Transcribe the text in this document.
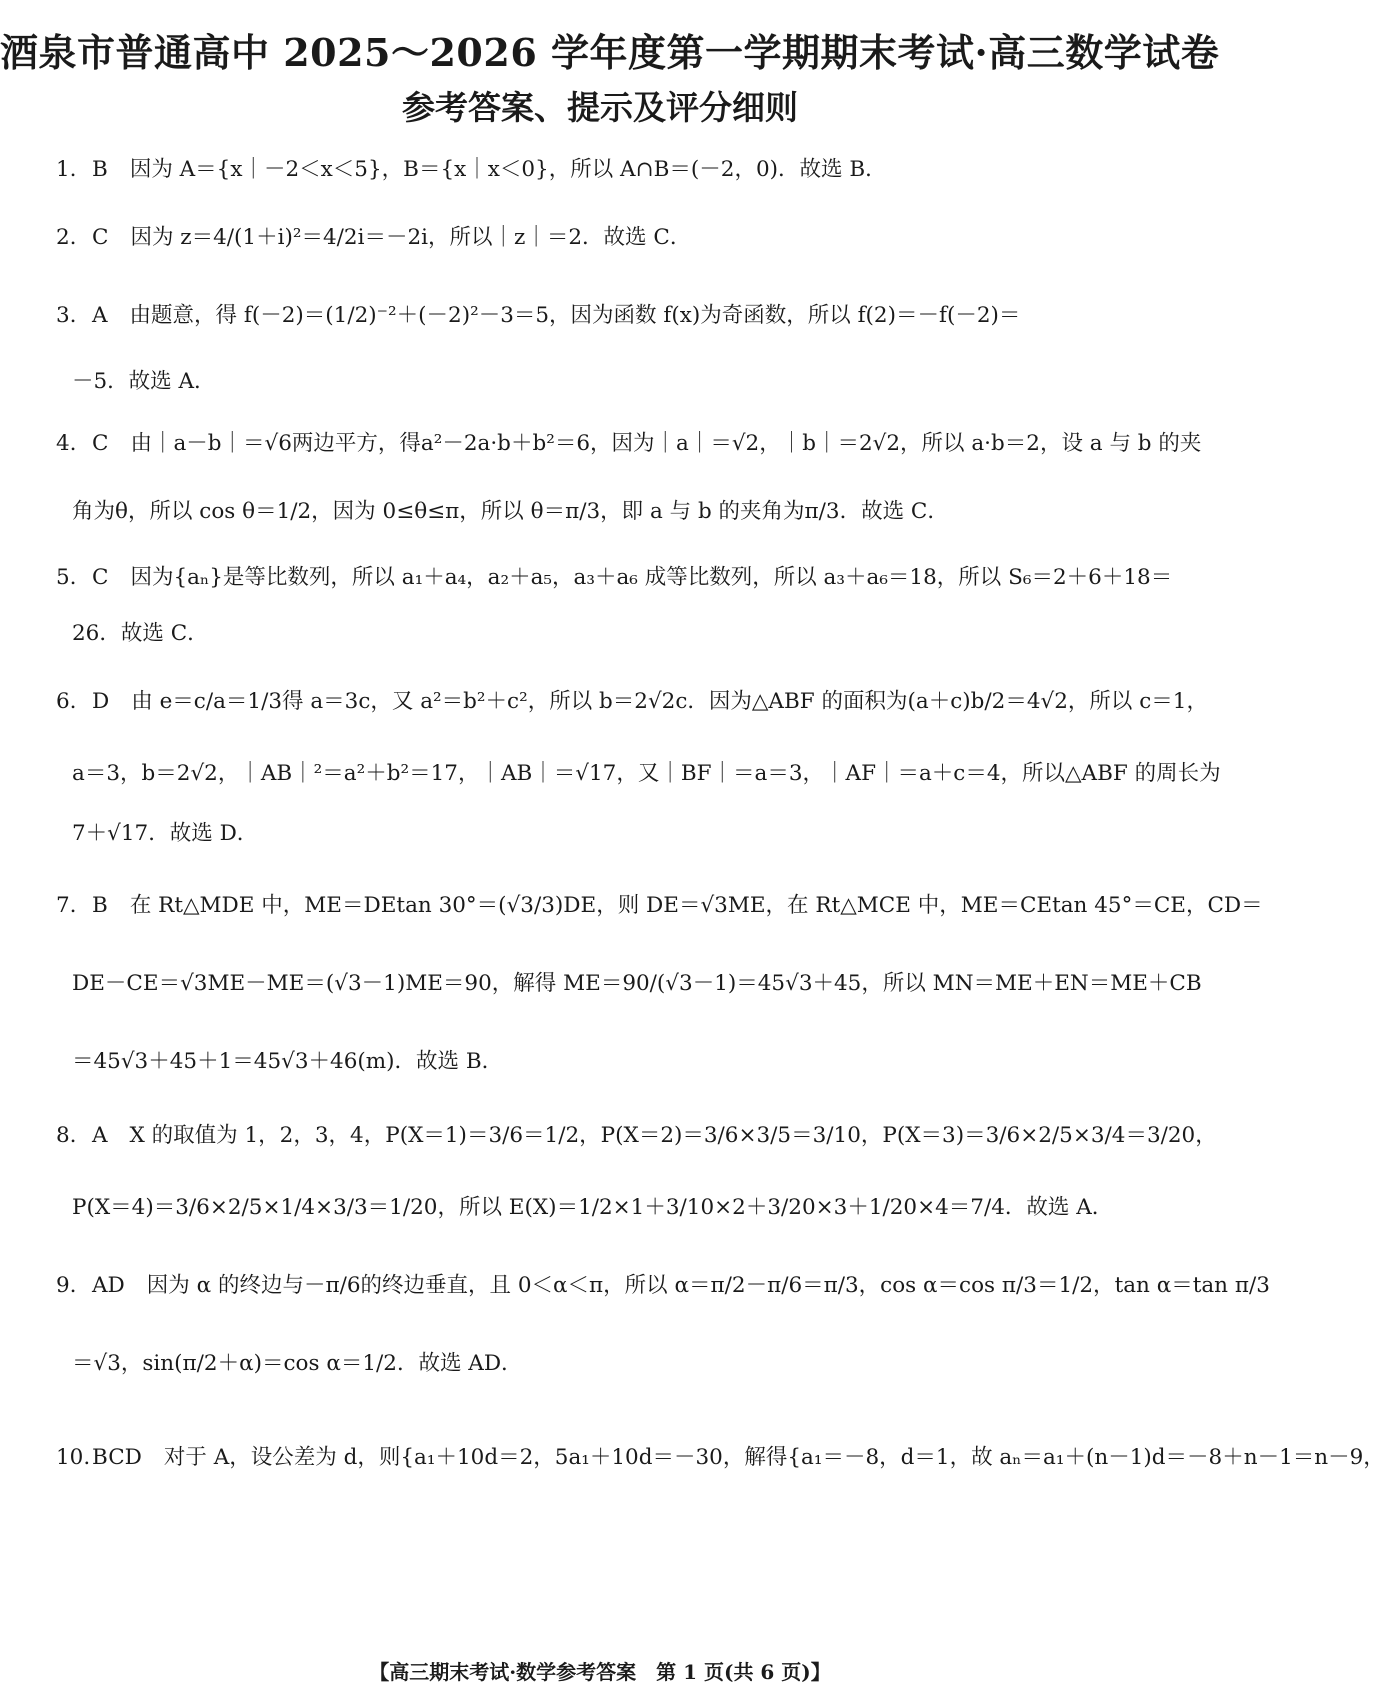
酒泉市普通高中 2025～2026 学年度第一学期期末考试·高三数学试卷
参考答案、提示及评分细则
1. B 因为 A＝{x｜－2＜x＜5}，B＝{x｜x＜0}，所以 A∩B＝(－2，0)．故选 B．
2. C 因为 z＝4/(1＋i)²＝4/2i＝－2i，所以｜z｜＝2．故选 C．
3. A 由题意，得 f(－2)＝(1/2)⁻²＋(－2)²－3＝5，因为函数 f(x)为奇函数，所以 f(2)＝－f(－2)＝
－5．故选 A．
4. C 由｜a－b｜＝√6两边平方，得a²－2a·b＋b²＝6，因为｜a｜＝√2，｜b｜＝2√2，所以 a·b＝2，设 a 与 b 的夹
角为θ，所以 cos θ＝1/2，因为 0≤θ≤π，所以 θ＝π/3，即 a 与 b 的夹角为π/3．故选 C．
5. C 因为{aₙ}是等比数列，所以 a₁＋a₄，a₂＋a₅，a₃＋a₆ 成等比数列，所以 a₃＋a₆＝18，所以 S₆＝2＋6＋18＝
26．故选 C．
6. D 由 e＝c/a＝1/3得 a＝3c，又 a²＝b²＋c²，所以 b＝2√2c．因为△ABF 的面积为(a＋c)b/2＝4√2，所以 c＝1，
a＝3，b＝2√2，｜AB｜²＝a²＋b²＝17，｜AB｜＝√17，又｜BF｜＝a＝3，｜AF｜＝a＋c＝4，所以△ABF 的周长为
7＋√17．故选 D．
7. B 在 Rt△MDE 中，ME＝DEtan 30°＝(√3/3)DE，则 DE＝√3ME，在 Rt△MCE 中，ME＝CEtan 45°＝CE，CD＝
DE－CE＝√3ME－ME＝(√3－1)ME＝90，解得 ME＝90/(√3－1)＝45√3＋45，所以 MN＝ME＋EN＝ME＋CB
＝45√3＋45＋1＝45√3＋46(m)．故选 B．
8. A X 的取值为 1，2，3，4，P(X＝1)＝3/6＝1/2，P(X＝2)＝3/6×3/5＝3/10，P(X＝3)＝3/6×2/5×3/4＝3/20，
P(X＝4)＝3/6×2/5×1/4×3/3＝1/20，所以 E(X)＝1/2×1＋3/10×2＋3/20×3＋1/20×4＝7/4．故选 A．
9. AD 因为 α 的终边与－π/6的终边垂直，且 0＜α＜π，所以 α＝π/2－π/6＝π/3，cos α＝cos π/3＝1/2，tan α＝tan π/3
＝√3，sin(π/2＋α)＝cos α＝1/2．故选 AD．
10.BCD 对于 A，设公差为 d，则{a₁＋10d＝2，5a₁＋10d＝－30，解得{a₁＝－8，d＝1，故 aₙ＝a₁＋(n－1)d＝－8＋n－1＝n－9，
【高三期末考试·数学参考答案　第 1 页(共 6 页)】
